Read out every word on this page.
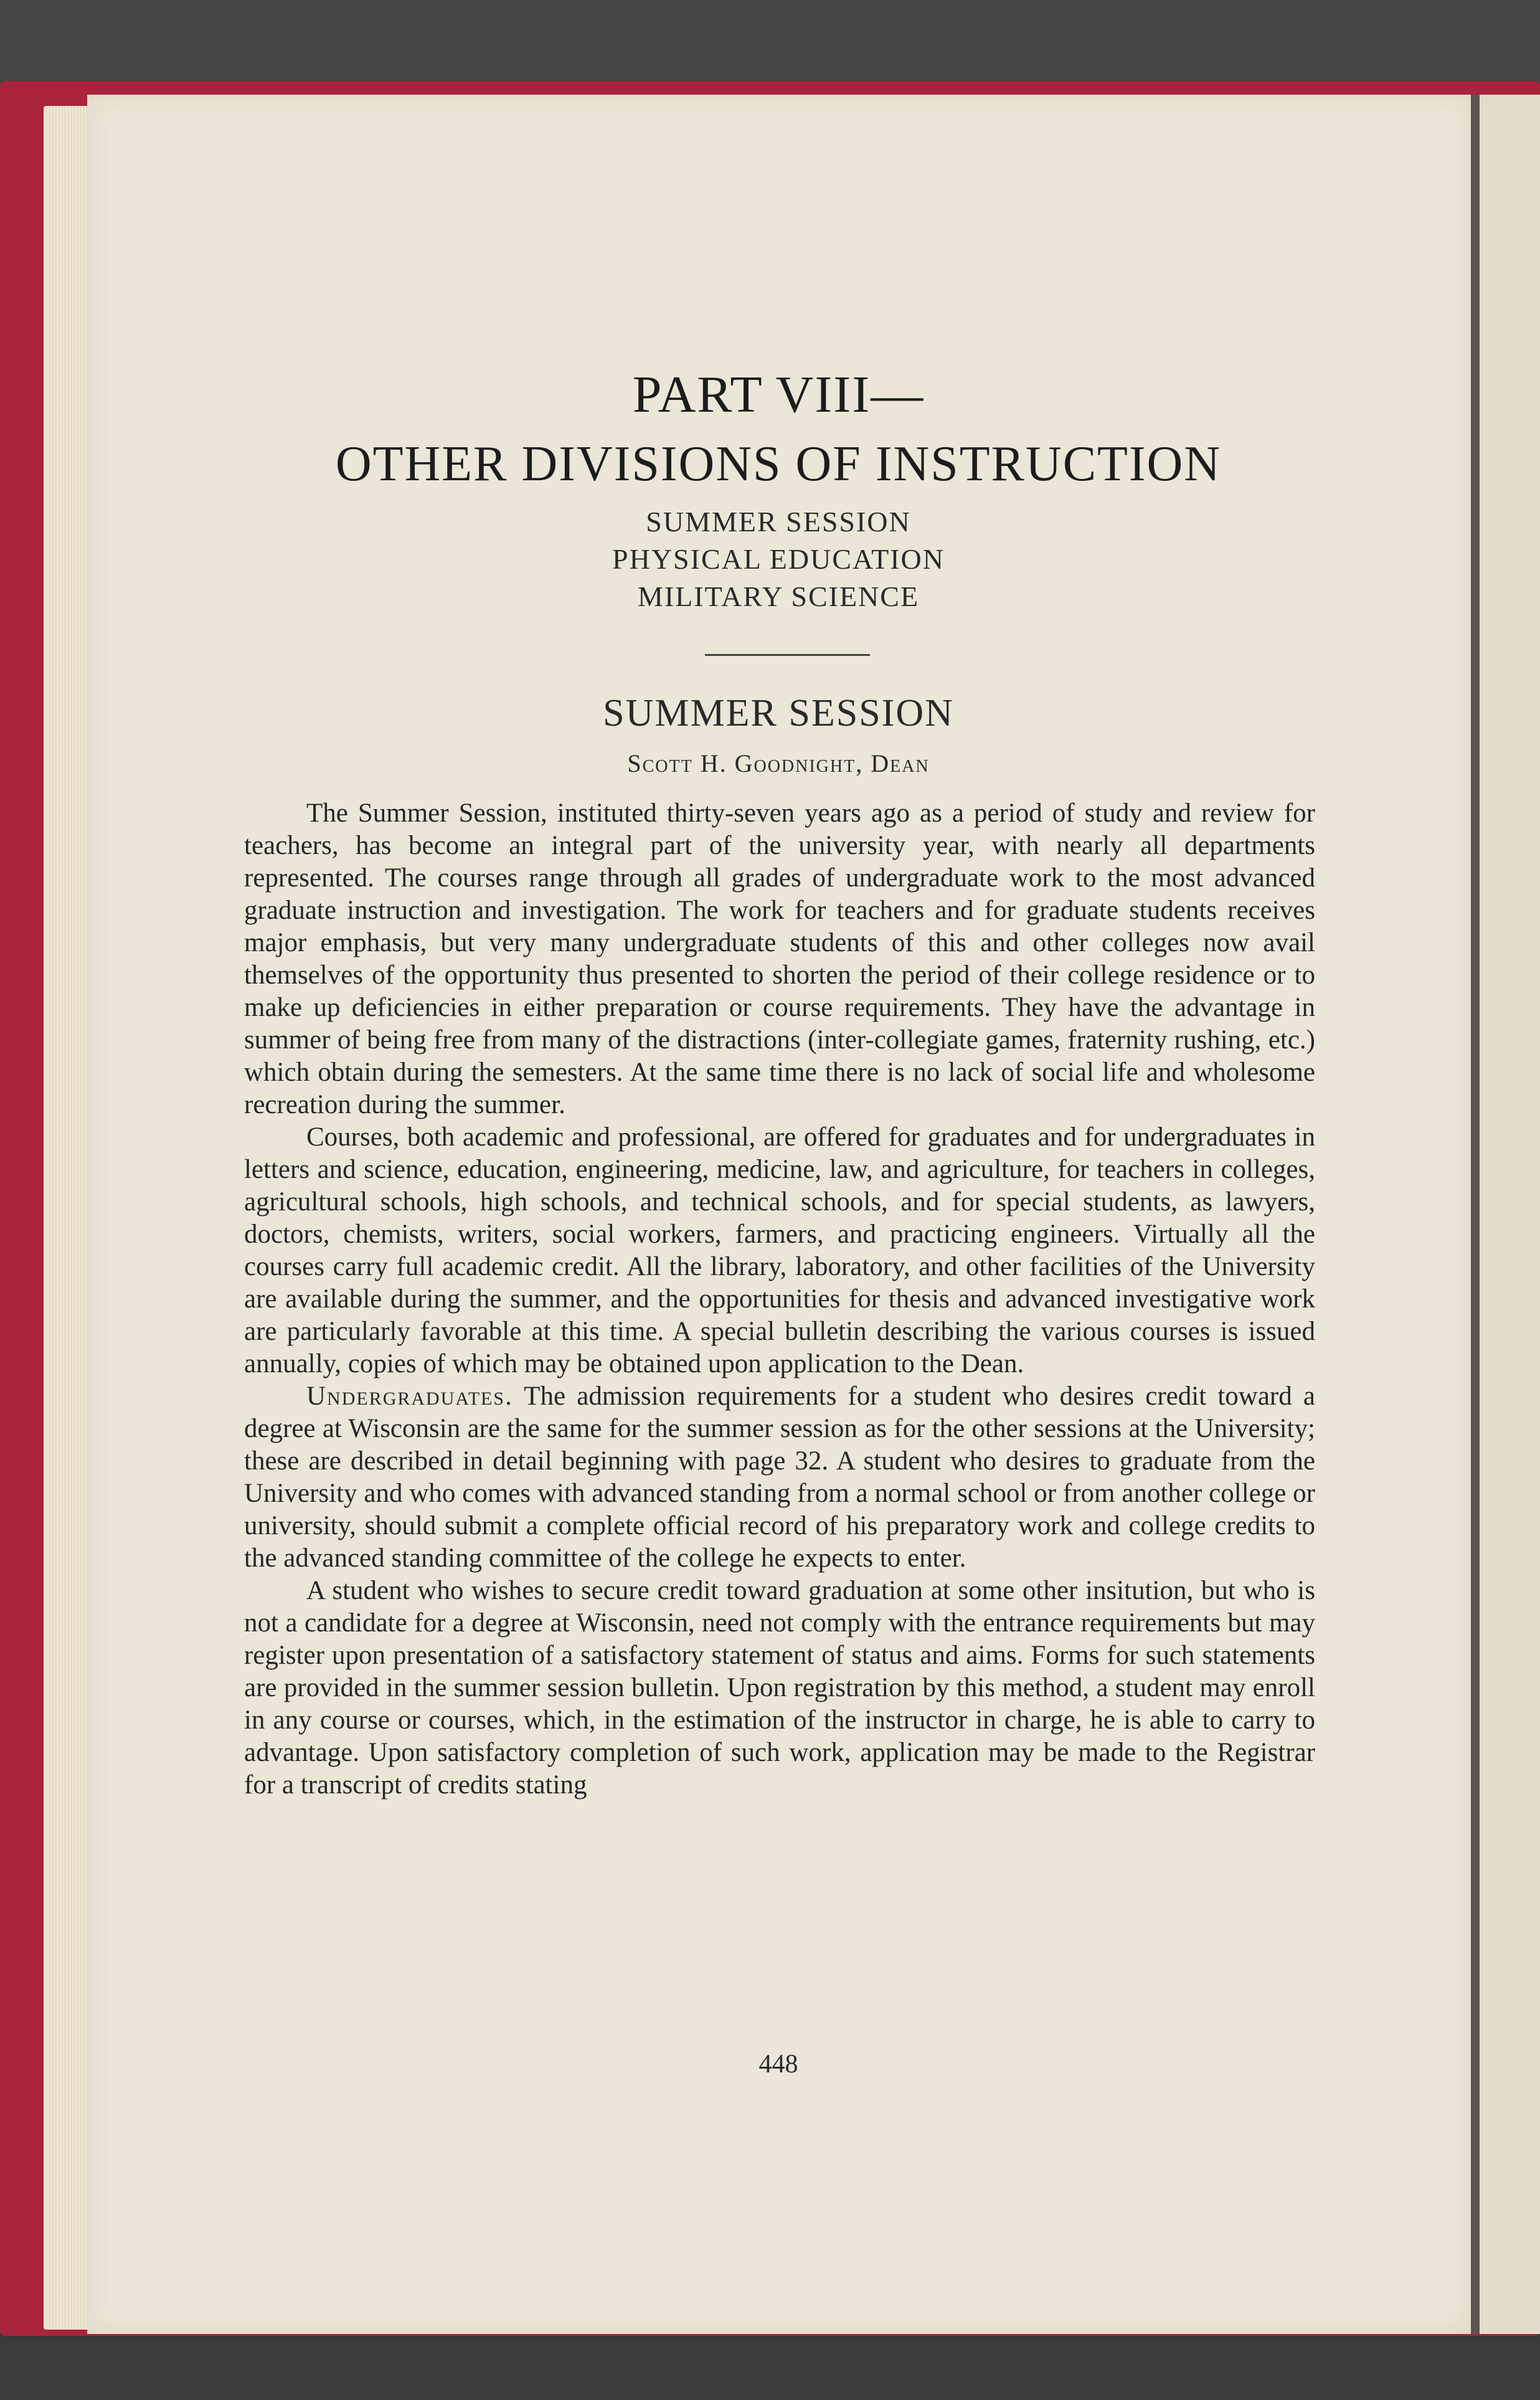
PART VIII—
OTHER DIVISIONS OF INSTRUCTION
SUMMER SESSION
PHYSICAL EDUCATION
MILITARY SCIENCE
SUMMER SESSION
Scott H. Goodnight, Dean

The Summer Session, instituted thirty-seven years ago as a period of study and review for teachers, has become an integral part of the university year, with nearly all departments represented. The courses range through all grades of undergraduate work to the most advanced graduate instruction and investigation. The work for teachers and for graduate students receives major emphasis, but very many undergraduate students of this and other colleges now avail themselves of the opportunity thus presented to shorten the period of their college residence or to make up deficiencies in either preparation or course requirements. They have the advantage in summer of being free from many of the distractions (inter-collegiate games, fraternity rushing, etc.) which obtain during the semesters. At the same time there is no lack of social life and wholesome recreation during the summer.

Courses, both academic and professional, are offered for graduates and for undergraduates in letters and science, education, engineering, medicine, law, and agriculture, for teachers in colleges, agricultural schools, high schools, and technical schools, and for special students, as lawyers, doctors, chemists, writers, social workers, farmers, and practicing engineers. Virtually all the courses carry full academic credit. All the library, laboratory, and other facilities of the University are available during the summer, and the opportunities for thesis and advanced investigative work are particularly favorable at this time. A special bulletin describing the various courses is issued annually, copies of which may be obtained upon application to the Dean.

Undergraduates. The admission requirements for a student who desires credit toward a degree at Wisconsin are the same for the summer session as for the other sessions at the University; these are described in detail beginning with page 32. A student who desires to graduate from the University and who comes with advanced standing from a normal school or from another college or university, should submit a complete official record of his preparatory work and college credits to the advanced standing committee of the college he expects to enter.

A student who wishes to secure credit toward graduation at some other insitution, but who is not a candidate for a degree at Wisconsin, need not comply with the entrance requirements but may register upon presentation of a satisfactory statement of status and aims. Forms for such statements are provided in the summer session bulletin. Upon registration by this method, a student may enroll in any course or courses, which, in the estimation of the instructor in charge, he is able to carry to advantage. Upon satisfactory completion of such work, application may be made to the Registrar for a transcript of credits stating

448
